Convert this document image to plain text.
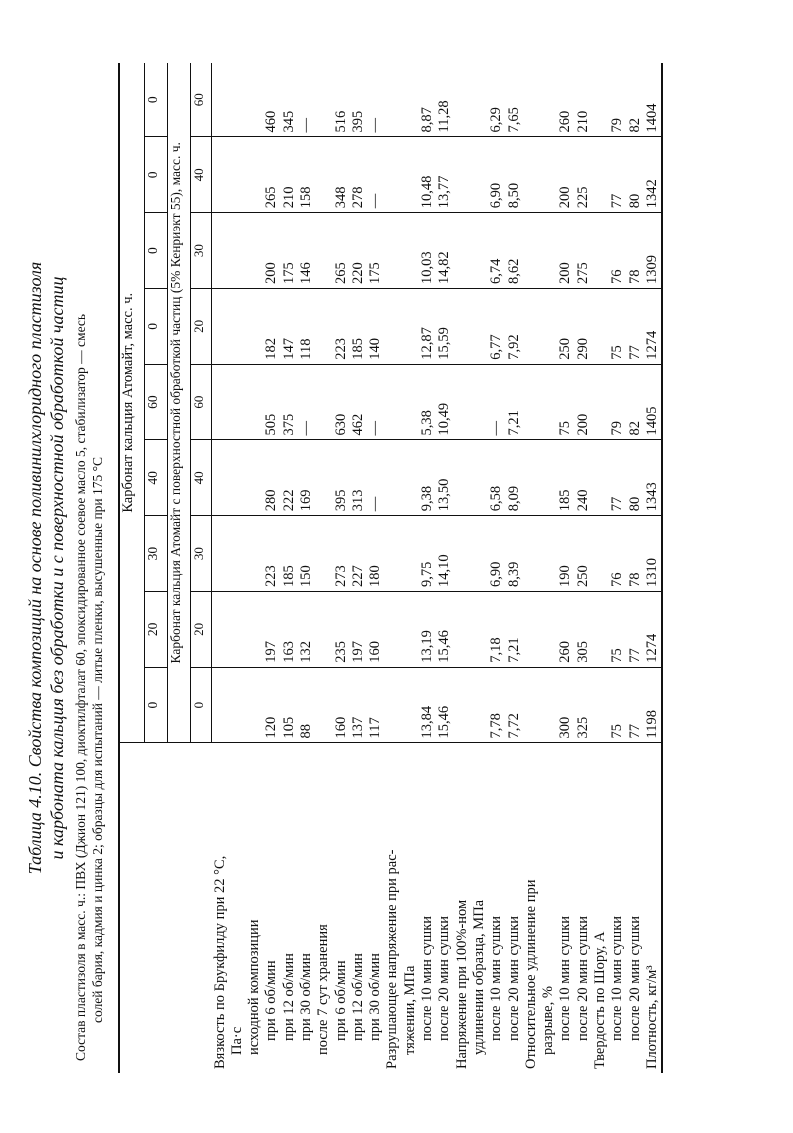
Таблица 4.10. Свойства композиций на основе поливинилхлоридного пластизоля и карбоната кальция без обработки и с поверхностной обработкой частиц Состав пластизоля в масс. ч.: ПВХ (Джион 121) 100, диоктилфталат 60, эпоксидированное соевое масло 5, стабилизатор — смесь солей бария, кадмия и цинка 2; образцы для испытаний — литые пленки, высушенные при 175 °С
	Карбонат кальция Атомайт, масс. ч.								
	0	20	30	40	60	0	0	0	0
	Карбонат кальция Атомайт с поверхностной обработкой частиц (5% Кенриэкт 55), масс. ч.								
	0	20	30	40	60	20	30	40	60
Вязкость по Брукфилду при 22 °С,									
Па·с									
исходной композиции									
при 6 об/мин	120	197	223	280	505	182	200	265	460
при 12 об/мин	105	163	185	222	375	147	175	210	345
при 30 об/мин	88	132	150	169	—	118	146	158	—
после 7 сут хранения									
при 6 об/мин	160	235	273	395	630	223	265	348	516
при 12 об/мин	137	197	227	313	462	185	220	278	395
при 30 об/мин	117	160	180	—	—	140	175	—	—
Разрушающее напряжение при рас-									
тяжении, МПа									
после 10 мин сушки	13,84	13,19	9,75	9,38	5,38	12,87	10,03	10,48	8,87
после 20 мин сушки	15,46	15,46	14,10	13,50	10,49	15,59	14,82	13,77	11,28
Напряжение при 100%-ном									
удлинении образца, МПа									
после 10 мин сушки	7,78	7,18	6,90	6,58	—	6,77	6,74	6,90	6,29
после 20 мин сушки	7,72	7,21	8,39	8,09	7,21	7,92	8,62	8,50	7,65
Относительное удлинение при									
разрыве, %									
после 10 мин сушки	300	260	190	185	75	250	200	200	260
после 20 мин сушки	325	305	250	240	200	290	275	225	210
Твердость по Шору, А									
после 10 мин сушки	75	75	76	77	79	75	76	77	79
после 20 мин сушки	77	77	78	80	82	77	78	80	82
Плотность, кг/м³	1198	1274	1310	1343	1405	1274	1309	1342	1404
